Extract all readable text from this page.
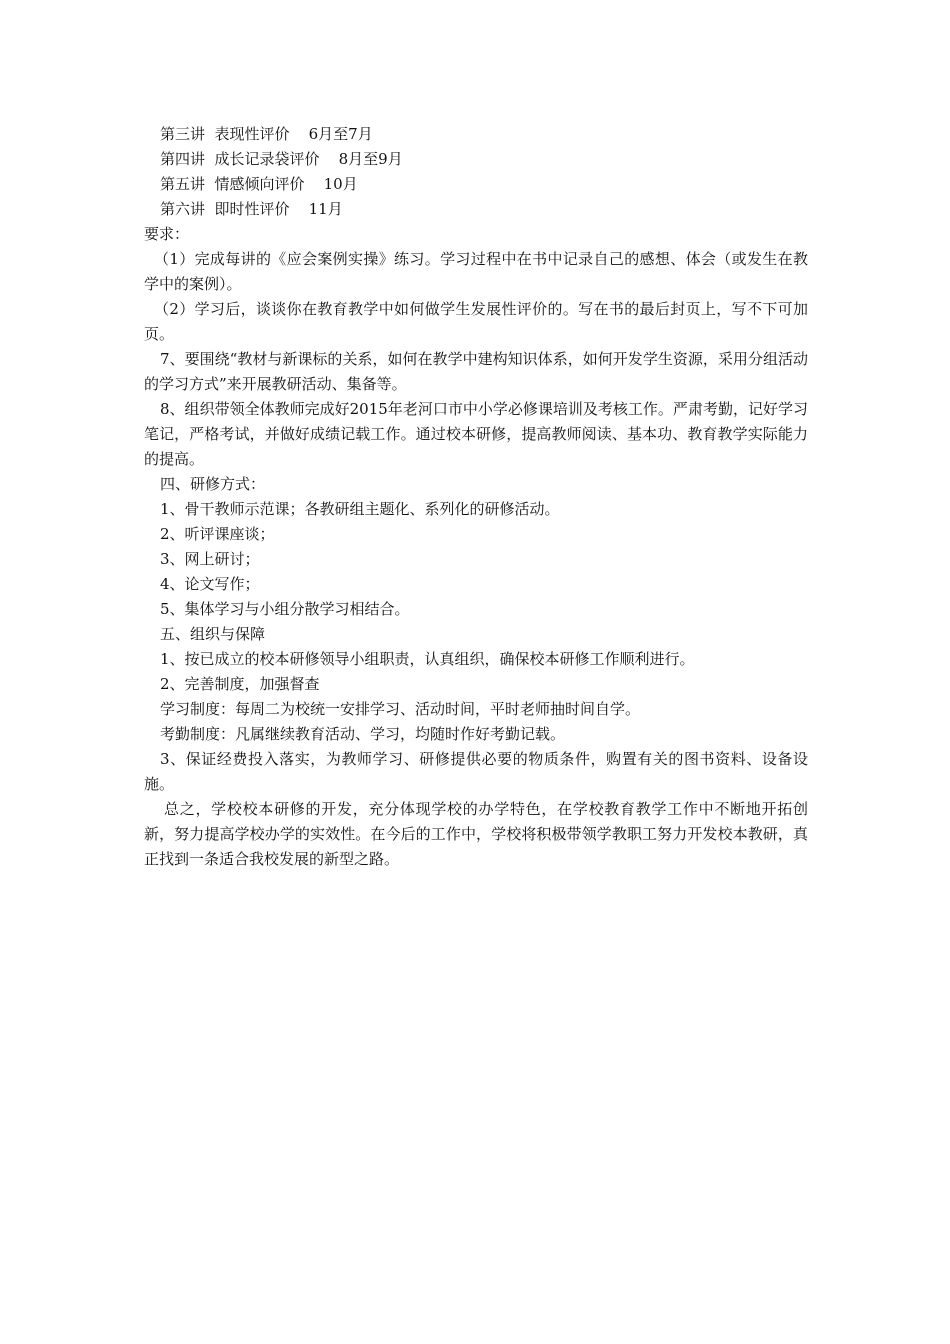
第三讲  表现性评价    6月至7月

第四讲  成长记录袋评价    8月至9月

第五讲  情感倾向评价    10月

第六讲  即时性评价    11月

要求：

（1）完成每讲的《应会案例实操》练习。学习过程中在书中记录自己的感想、体会（或发生在教学中的案例）。

（2）学习后，谈谈你在教育教学中如何做学生发展性评价的。写在书的最后封页上，写不下可加页。

7、要围绕“教材与新课标的关系，如何在教学中建构知识体系，如何开发学生资源，采用分组活动的学习方式”来开展教研活动、集备等。

8、组织带领全体教师完成好2015年老河口市中小学必修课培训及考核工作。严肃考勤，记好学习笔记，严格考试，并做好成绩记载工作。通过校本研修，提高教师阅读、基本功、教育教学实际能力的提高。

四、研修方式：

1、骨干教师示范课；各教研组主题化、系列化的研修活动。

2、听评课座谈；

3、网上研讨；

4、论文写作；

5、集体学习与小组分散学习相结合。

五、组织与保障

1、按已成立的校本研修领导小组职责，认真组织，确保校本研修工作顺利进行。

2、完善制度，加强督查

学习制度：每周二为校统一安排学习、活动时间，平时老师抽时间自学。

考勤制度：凡属继续教育活动、学习，均随时作好考勤记载。

3、保证经费投入落实，为教师学习、研修提供必要的物质条件，购置有关的图书资料、设备设施。

总之，学校校本研修的开发，充分体现学校的办学特色，在学校教育教学工作中不断地开拓创新，努力提高学校办学的实效性。在今后的工作中，学校将积极带领学教职工努力开发校本教研，真正找到一条适合我校发展的新型之路。
